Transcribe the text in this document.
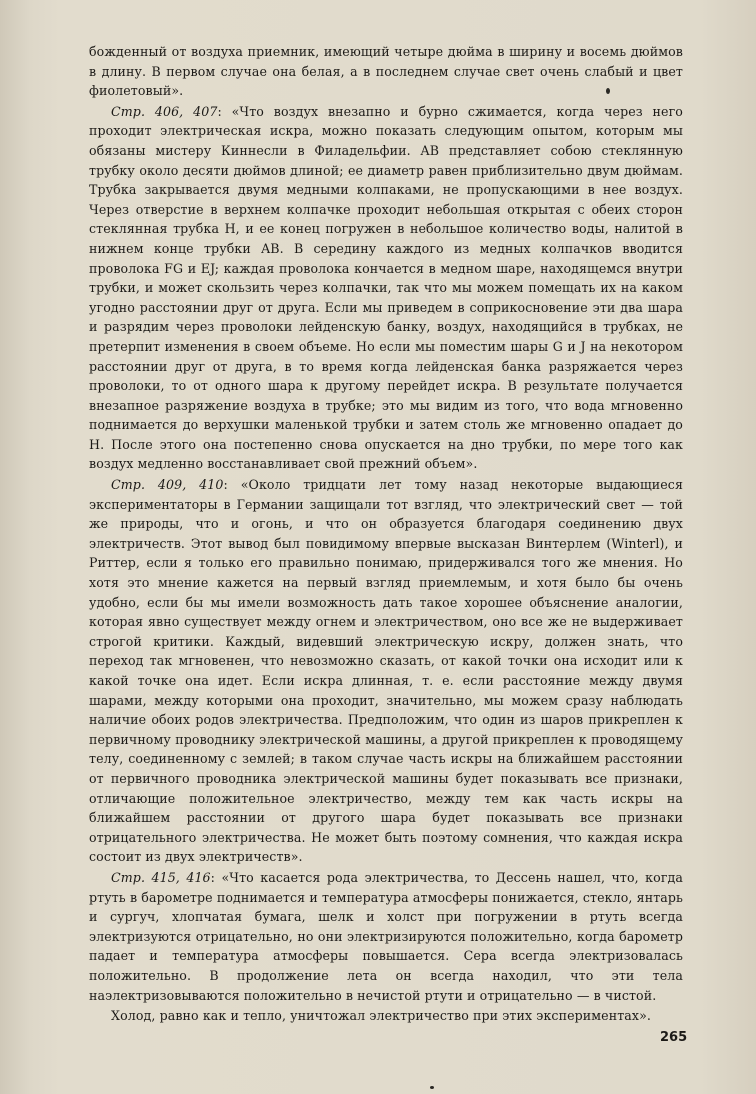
божденный от воздуха приемник, имеющий четыре дюйма в ширину и восемь дюймов в длину. В первом случае она белая, а в последнем случае свет очень слабый и цвет фиолетовый».

Стр. 406, 407: «Что воздух внезапно и бурно сжимается, когда через него проходит электрическая искра, можно показать следующим опытом, которым мы обязаны мистеру Киннесли в Филадельфии. AB представляет собою стеклянную трубку около десяти дюймов длиной; ее диаметр равен приблизительно двум дюймам. Трубка закрывается двумя медными колпаками, не пропускающими в нее воздух. Через отверстие в верхнем колпачке проходит небольшая открытая с обеих сторон стеклянная трубка H, и ее конец погружен в небольшое количество воды, налитой в нижнем конце трубки AB. В середину каждого из медных колпачков вводится проволока FG и EJ; каждая проволока кончается в медном шаре, находящемся внутри трубки, и может скользить через колпачки, так что мы можем помещать их на каком угодно расстоянии друг от друга. Если мы приведем в соприкосновение эти два шара и разрядим через проволоки лейденскую банку, воздух, находящийся в трубках, не претерпит изменения в своем объеме. Но если мы поместим шары G и J на некотором расстоянии друг от друга, в то время когда лейденская банка разряжается через проволоки, то от одного шара к другому перейдет искра. В результате получается внезапное разряжение воздуха в трубке; это мы видим из того, что вода мгновенно поднимается до верхушки маленькой трубки и затем столь же мгновенно опадает до H. После этого она постепенно снова опускается на дно трубки, по мере того как воздух медленно восстанавливает свой прежний объем».

Стр. 409, 410: «Около тридцати лет тому назад некоторые выдающиеся экспериментаторы в Германии защищали тот взгляд, что электрический свет — той же природы, что и огонь, и что он образуется благодаря соединению двух электричеств. Этот вывод был повидимому впервые высказан Винтерлем (Winterl), и Риттер, если я только его правильно понимаю, придерживался того же мнения. Но хотя это мнение кажется на первый взгляд приемлемым, и хотя было бы очень удобно, если бы мы имели возможность дать такое хорошее объяснение аналогии, которая явно существует между огнем и электричеством, оно все же не выдерживает строгой критики. Каждый, видевший электрическую искру, должен знать, что переход так мгновенен, что невозможно сказать, от какой точки она исходит или к какой точке она идет. Если искра длинная, т. е. если расстояние между двумя шарами, между которыми она проходит, значительно, мы можем сразу наблюдать наличие обоих родов электричества. Предположим, что один из шаров прикреплен к первичному проводнику электрической машины, а другой прикреплен к проводящему телу, соединенному с землей; в таком случае часть искры на ближайшем расстоянии от первичного проводника электрической машины будет показывать все признаки, отличающие положительное электричество, между тем как часть искры на ближайшем расстоянии от другого шара будет показывать все признаки отрицательного электричества. Не может быть поэтому сомнения, что каждая искра состоит из двух электричеств».

Стр. 415, 416: «Что касается рода электричества, то Дессень нашел, что, когда ртуть в барометре поднимается и температура атмосферы понижается, стекло, янтарь и сургуч, хлопчатая бумага, шелк и холст при погружении в ртуть всегда электризуются отрицательно, но они электризируются положительно, когда барометр падает и температура атмосферы повышается. Сера всегда электризовалась положительно. В продолжение лета он всегда находил, что эти тела наэлектризовываются положительно в нечистой ртути и отрицательно — в чистой.

Холод, равно как и тепло, уничтожал электричество при этих экспериментах».

265
